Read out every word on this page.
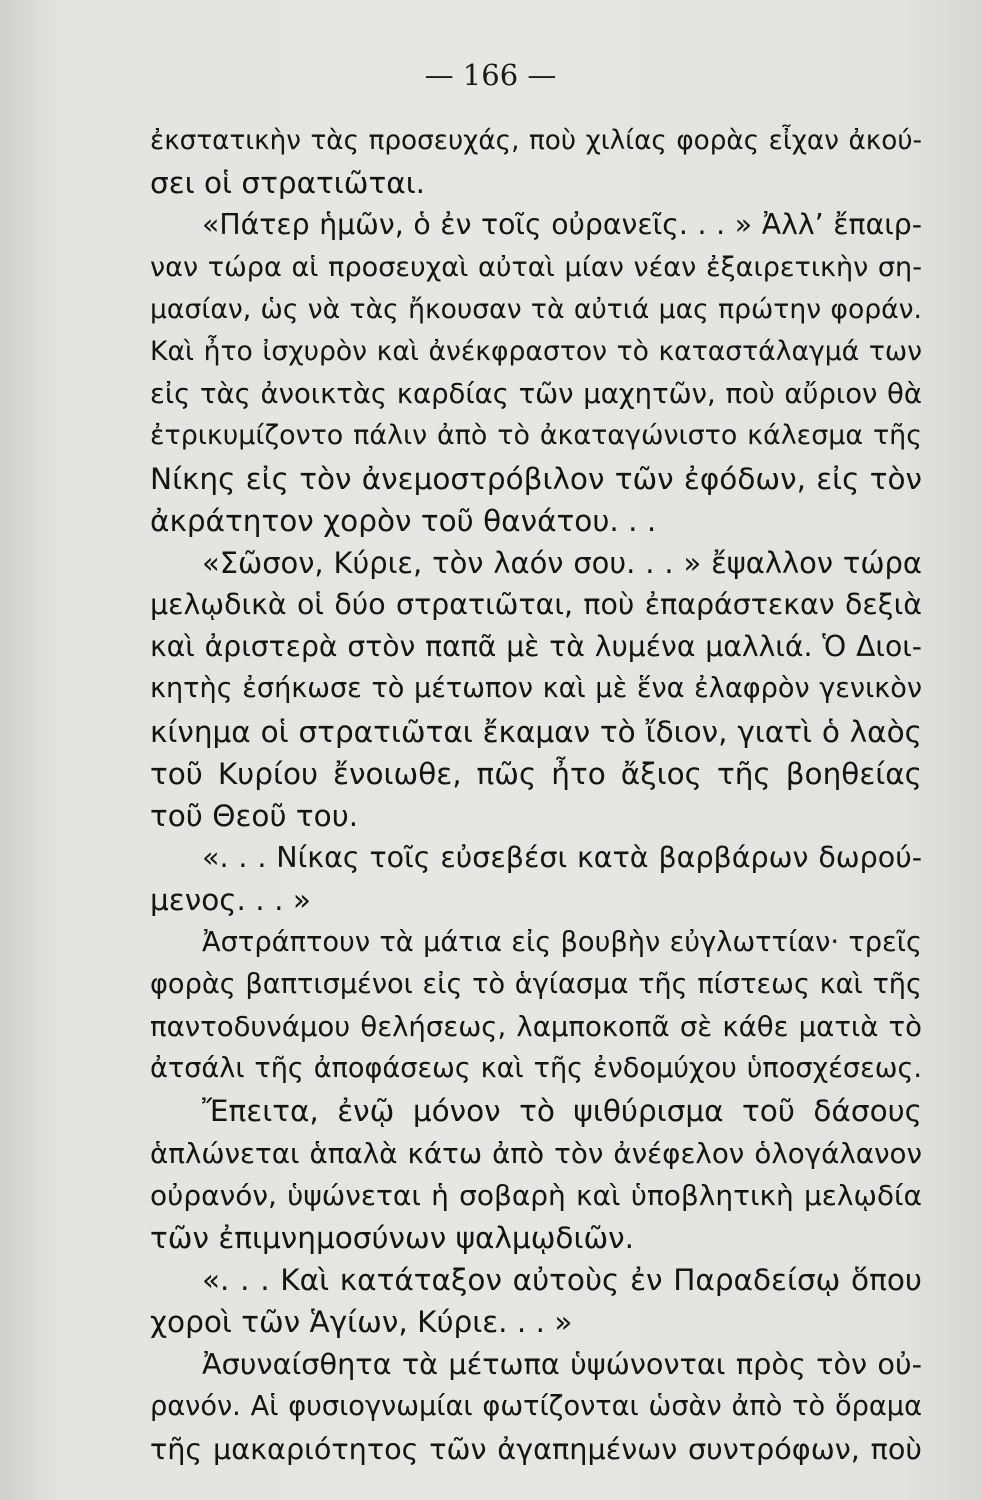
— 166 —
ἐκστατικὴν τὰς προσευχάς, ποὺ χιλίας φορὰς εἶχαν ἀκού-
σει οἱ στρατιῶται.
«Πάτερ ἡμῶν, ὁ ἐν τοῖς οὐρανεῖς. . . » Ἀλλ’ ἔπαιρ-
ναν τώρα αἱ προσευχαὶ αὐταὶ μίαν νέαν ἐξαιρετικὴν ση-
μασίαν, ὡς νὰ τὰς ἤκουσαν τὰ αὐτιά μας πρώτην φοράν.
Καὶ ἦτο ἰσχυρὸν καὶ ἀνέκφραστον τὸ καταστάλαγμά των
εἰς τὰς ἀνοικτὰς καρδίας τῶν μαχητῶν, ποὺ αὔριον θὰ
ἐτρικυμίζοντο πάλιν ἀπὸ τὸ ἀκαταγώνιστο κάλεσμα τῆς
Νίκης εἰς τὸν ἀνεμοστρόβιλον τῶν ἐφόδων, εἰς τὸν
ἀκράτητον χορὸν τοῦ θανάτου. . .
«Σῶσον, Κύριε, τὸν λαόν σου. . . » ἔψαλλον τώρα
μελῳδικὰ οἱ δύο στρατιῶται, ποὺ ἐπαράστεκαν δεξιὰ
καὶ ἀριστερὰ στὸν παπᾶ μὲ τὰ λυμένα μαλλιά. Ὁ Διοι-
κητὴς ἐσήκωσε τὸ μέτωπον καὶ μὲ ἕνα ἐλαφρὸν γενικὸν
κίνημα οἱ στρατιῶται ἔκαμαν τὸ ἴδιον, γιατὶ ὁ λαὸς
τοῦ Κυρίου ἔνοιωθε, πῶς ἦτο ἄξιος τῆς βοηθείας
τοῦ Θεοῦ του.
«. . . Νίκας τοῖς εὐσεβέσι κατὰ βαρβάρων δωρού-
μενος. . . »
Ἀστράπτουν τὰ μάτια εἰς βουβὴν εὐγλωττίαν· τρεῖς
φορὰς βαπτισμένοι εἰς τὸ ἁγίασμα τῆς πίστεως καὶ τῆς
παντοδυνάμου θελήσεως, λαμποκοπᾶ σὲ κάθε ματιὰ τὸ
ἀτσάλι τῆς ἀποφάσεως καὶ τῆς ἐνδομύχου ὑποσχέσεως.
Ἔπειτα, ἐνῷ μόνον τὸ ψιθύρισμα τοῦ δάσους
ἁπλώνεται ἁπαλὰ κάτω ἀπὸ τὸν ἀνέφελον ὁλογάλανον
οὐρανόν, ὑψώνεται ἡ σοβαρὴ καὶ ὑποβλητικὴ μελῳδία
τῶν ἐπιμνημοσύνων ψαλμῳδιῶν.
«. . . Καὶ κατάταξον αὐτοὺς ἐν Παραδείσῳ ὅπου
χοροὶ τῶν Ἁγίων, Κύριε. . . »
Ἀσυναίσθητα τὰ μέτωπα ὑψώνονται πρὸς τὸν οὐ-
ρανόν. Αἱ φυσιογνωμίαι φωτίζονται ὡσὰν ἀπὸ τὸ ὅραμα
τῆς μακαριότητος τῶν ἀγαπημένων συντρόφων, ποὺ
